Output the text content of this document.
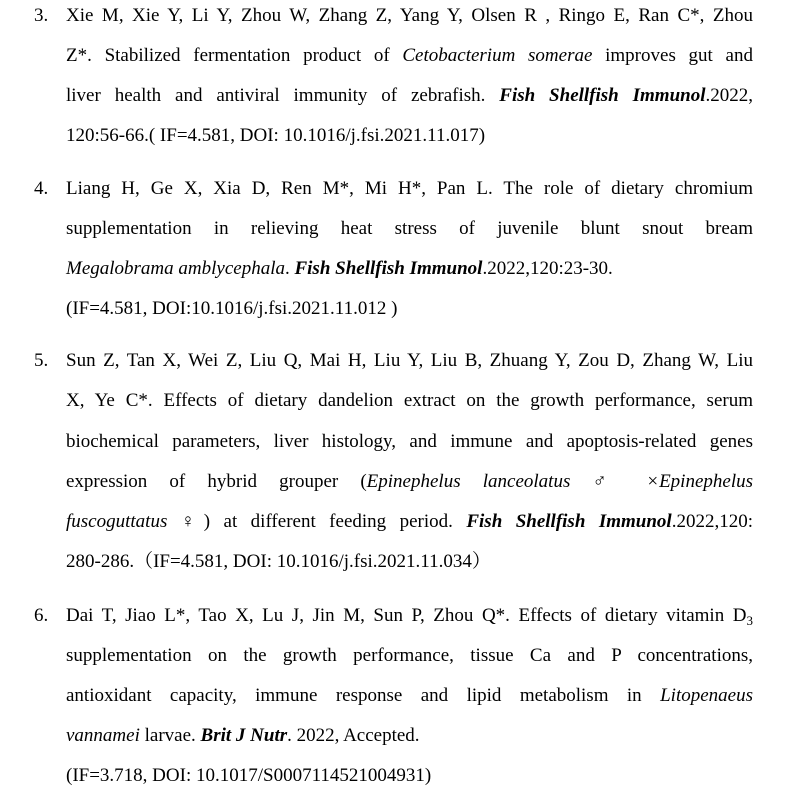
3. Xie M, Xie Y, Li Y, Zhou W, Zhang Z, Yang Y, Olsen R , Ringo E, Ran C*, Zhou
Z*. Stabilized fermentation product of Cetobacterium somerae improves gut and
liver health and antiviral immunity of zebrafish. Fish Shellfish Immunol.2022,
120:56-66.( IF=4.581, DOI: 10.1016/j.fsi.2021.11.017)
4. Liang H, Ge X, Xia D, Ren M*, Mi H*, Pan L. The role of dietary chromium
supplementation in relieving heat stress of juvenile blunt snout bream
Megalobrama amblycephala. Fish Shellfish Immunol.2022,120:23-30.
(IF=4.581, DOI:10.1016/j.fsi.2021.11.012 )
5. Sun Z, Tan X, Wei Z, Liu Q, Mai H, Liu Y, Liu B, Zhuang Y, Zou D, Zhang W, Liu
X, Ye C*. Effects of dietary dandelion extract on the growth performance, serum
biochemical parameters, liver histology, and immune and apoptosis-related genes
expression of hybrid grouper (Epinephelus lanceolatus ♂ ×Epinephelus
fuscoguttatus ♀) at different feeding period. Fish Shellfish Immunol.2022,120:
280-286.（IF=4.581, DOI: 10.1016/j.fsi.2021.11.034）
6. Dai T, Jiao L*, Tao X, Lu J, Jin M, Sun P, Zhou Q*. Effects of dietary vitamin $D_3$
supplementation on the growth performance, tissue Ca and P concentrations,
antioxidant capacity, immune response and lipid metabolism in Litopenaeus
vannamei larvae. Brit J Nutr. 2022, Accepted.
(IF=3.718, DOI: 10.1017/S0007114521004931)
